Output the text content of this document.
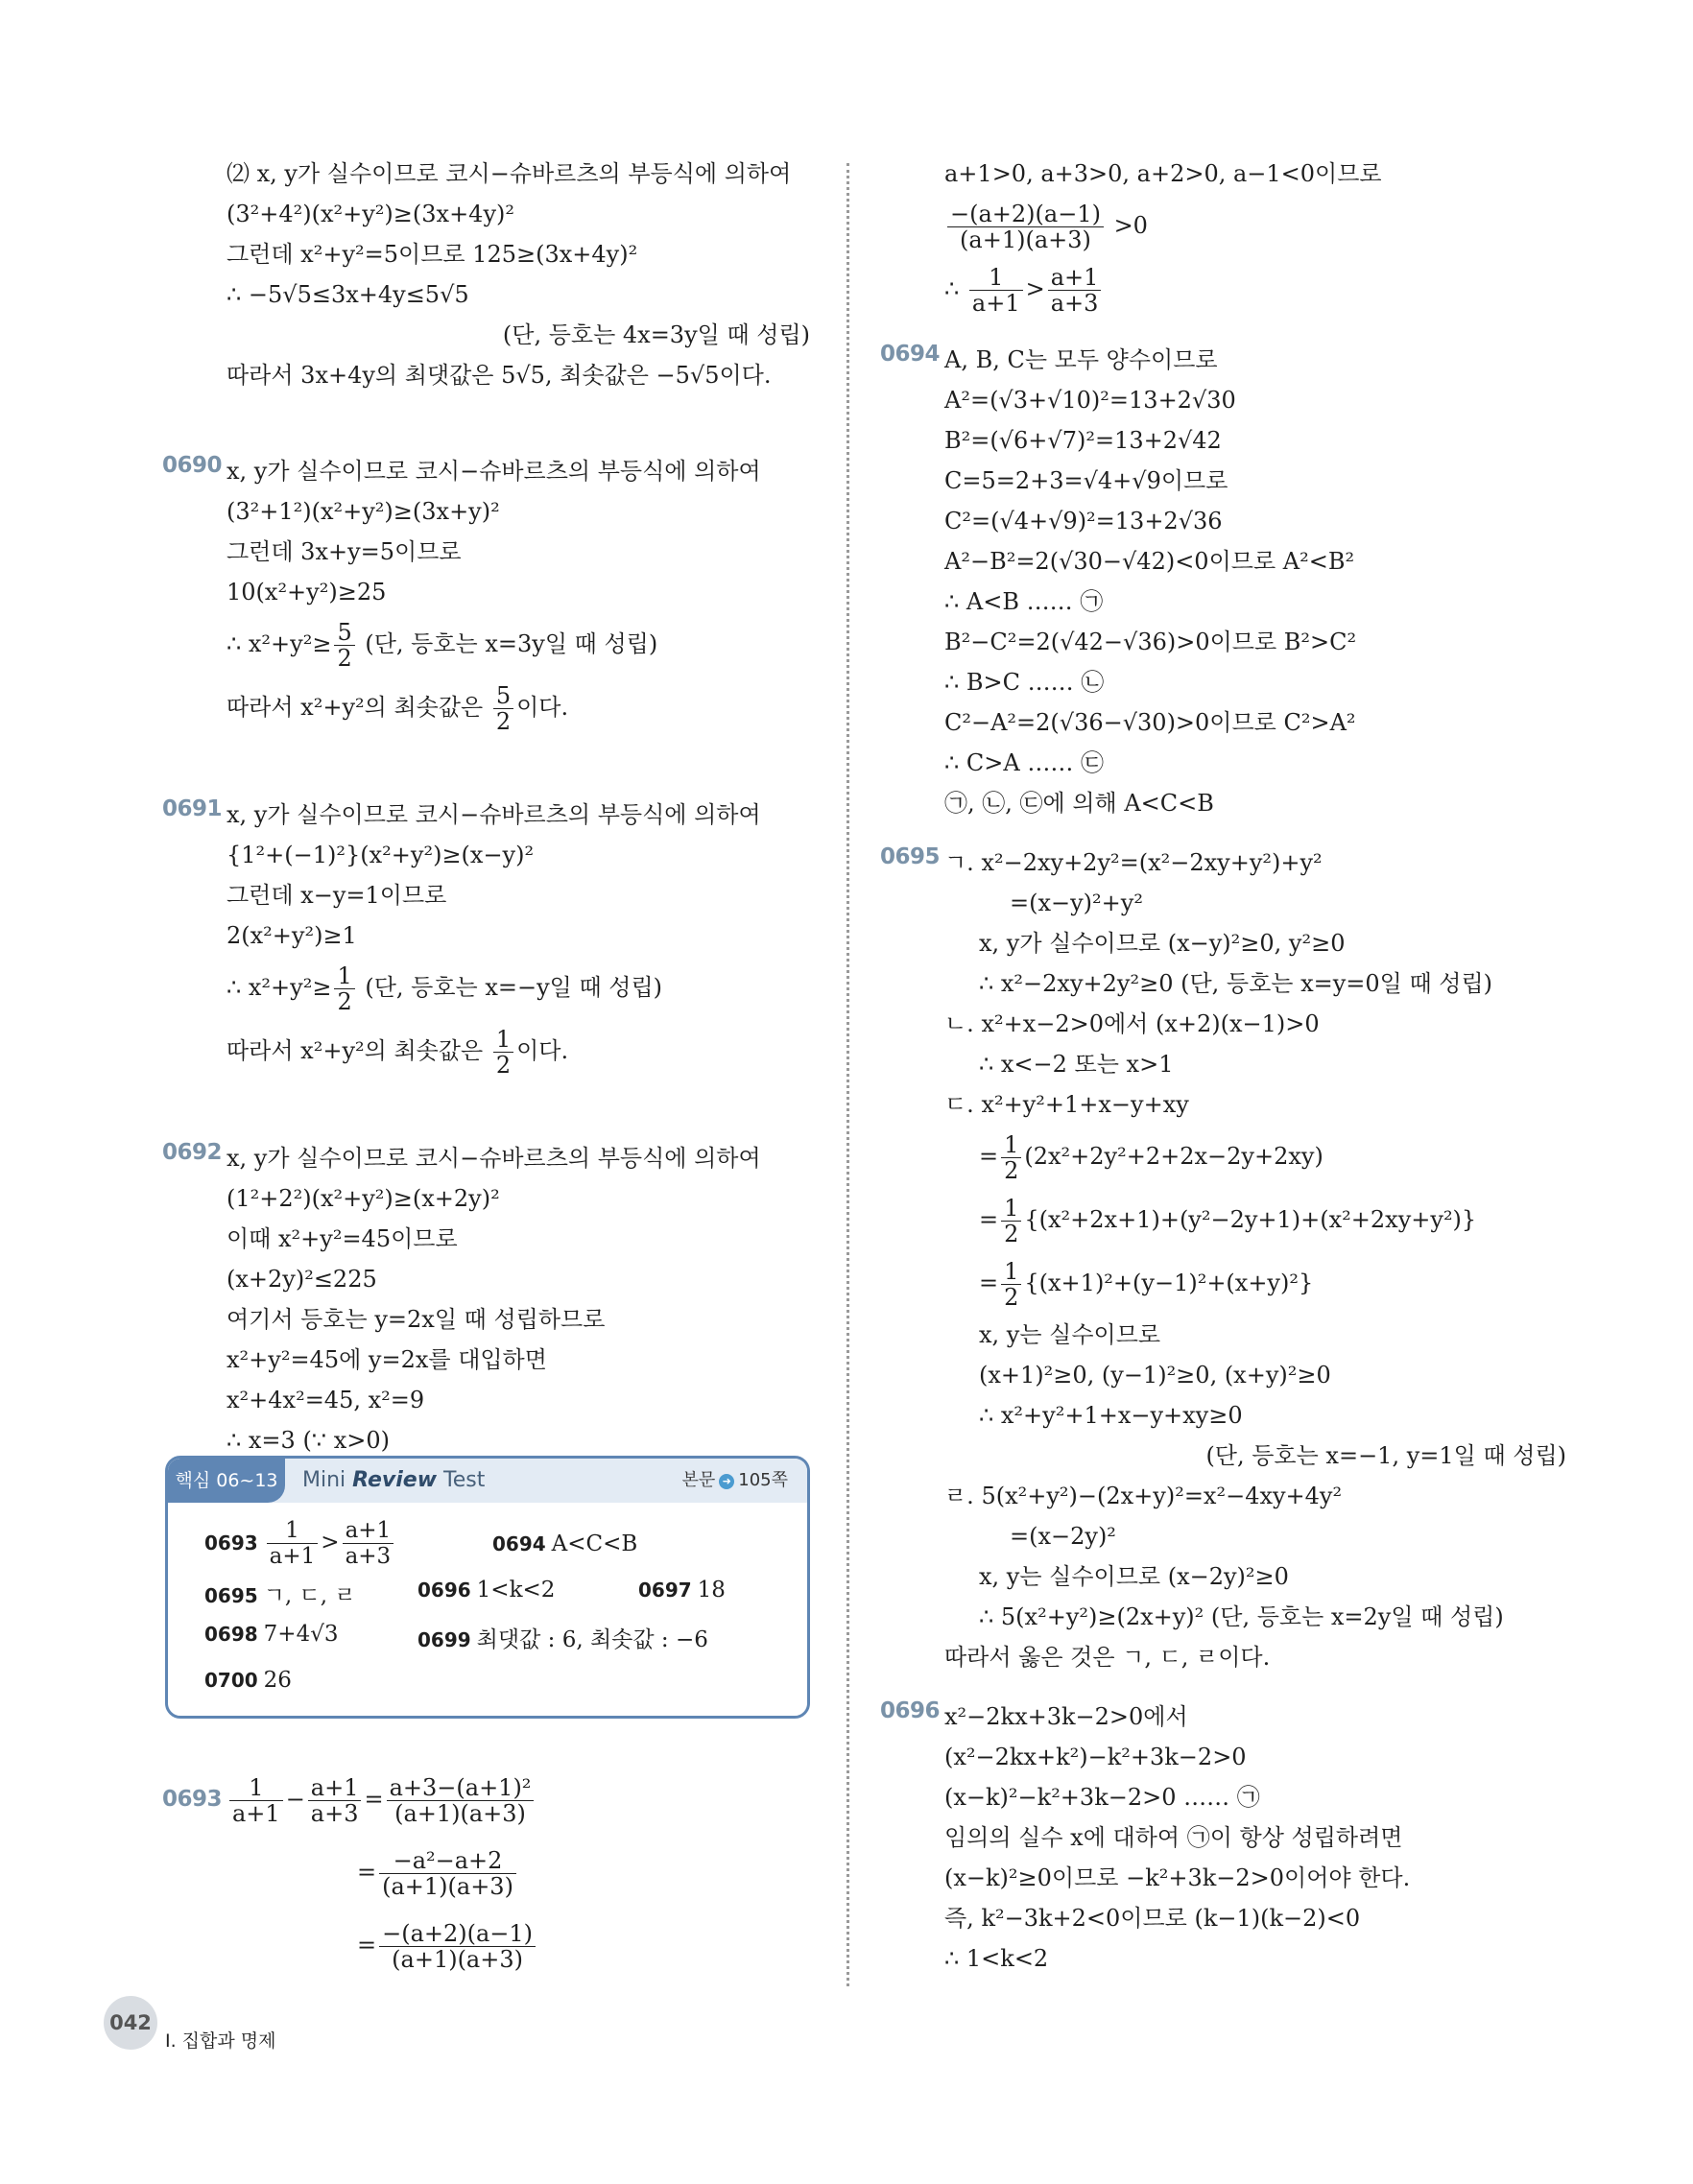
⑵ x, y가 실수이므로 코시−슈바르츠의 부등식에 의하여
(3²+4²)(x²+y²)≥(3x+4y)²
그런데 x²+y²=5이므로 125≥(3x+4y)²
∴ −5√5≤3x+4y≤5√5
(단, 등호는 4x=3y일 때 성립)
따라서 3x+4y의 최댓값은 5√5, 최솟값은 −5√5이다.
0690 x, y가 실수이므로 코시−슈바르츠의 부등식에 의하여
(3²+1²)(x²+y²)≥(3x+y)²
그런데 3x+y=5이므로
10(x²+y²)≥25
∴ $x^2+y^2\ge \frac{5}{2}$ (단, 등호는 x=3y일 때 성립)
따라서 x²+y²의 최솟값은 $\frac{5}{2}$ 이다.
0691 x, y가 실수이므로 코시−슈바르츠의 부등식에 의하여
{1²+(−1)²}(x²+y²)≥(x−y)²
그런데 x−y=1이므로
2(x²+y²)≥1
∴ $x^2+y^2\ge \frac{1}{2}$ (단, 등호는 x=−y일 때 성립)
따라서 x²+y²의 최솟값은 $\frac{1}{2}$ 이다.
0692 x, y가 실수이므로 코시−슈바르츠의 부등식에 의하여
(1²+2²)(x²+y²)≥(x+2y)²
이때 x²+y²=45이므로
(x+2y)²≤225
여기서 등호는 y=2x일 때 성립하므로
x²+y²=45에 y=2x를 대입하면
x²+4x²=45, x²=9
∴ x=3 (∵ x>0)
a+1>0, a+3>0, a+2>0, a−1<0이므로
$\frac{-(a+2)(a-1)}{(a+1)(a+3)} >0$
∴ $\frac{1}{a+1} > \frac{a+1}{a+3}$
0694 A, B, C는 모두 양수이므로
A²=(√3+√10)²=13+2√30
B²=(√6+√7)²=13+2√42
C=5=2+3=√4+√9이므로
C²=(√4+√9)²=13+2√36
A²−B²=2(√30−√42)<0이므로 A²<B²
∴ A<B …… ㉠
B²−C²=2(√42−√36)>0이므로 B²>C²
∴ B>C …… ㉡
C²−A²=2(√36−√30)>0이므로 C²>A²
∴ C>A …… ㉢
㉠, ㉡, ㉢에 의해 A<C<B
0695 ㄱ. x²−2xy+2y²=(x²−2xy+y²)+y²
=(x−y)²+y²
x, y가 실수이므로 (x−y)²≥0, y²≥0
∴ x²−2xy+2y²≥0 (단, 등호는 x=y=0일 때 성립)
ㄴ. x²+x−2>0에서 (x+2)(x−1)>0
∴ x<−2 또는 x>1
ㄷ. x²+y²+1+x−y+xy
= $\frac{1}{2} (2x^2+2y^2+2+2x-2y+2xy)$
= $\frac{1}{2} \{(x^2+2x+1)+(y^2-2y+1)+(x^2+2xy+y^2)\}$
= $\frac{1}{2} \{(x+1)^2+(y-1)^2+(x+y)^2\}$
x, y는 실수이므로
(x+1)²≥0, (y−1)²≥0, (x+y)²≥0
∴ x²+y²+1+x−y+xy≥0
(단, 등호는 x=−1, y=1일 때 성립)
ㄹ. 5(x²+y²)−(2x+y)²=x²−4xy+4y²
=(x−2y)²
x, y는 실수이므로 (x−2y)²≥0
∴ 5(x²+y²)≥(2x+y)² (단, 등호는 x=2y일 때 성립)
따라서 옳은 것은 ㄱ, ㄷ, ㄹ이다.
0696 x²−2kx+3k−2>0에서
(x²−2kx+k²)−k²+3k−2>0
(x−k)²−k²+3k−2>0 …… ㉠
임의의 실수 x에 대하여 ㉠이 항상 성립하려면
(x−k)²≥0이므로 −k²+3k−2>0이어야 한다.
즉, k²−3k+2<0이므로 (k−1)(k−2)<0
∴ 1<k<2
핵심 06~13	Mini Review Test	본문 ➜ 105쪽
$0693 \frac{1}{a+1} > \frac{a+1}{a+3}$	0694 A<C<B
0695 ㄱ, ㄷ, ㄹ	0696 1<k<2	0697 18
0698 7+4√3	0699 최댓값 : 6, 최솟값 : −6
0700 26
$0693 \frac{1}{a+1} - \frac{a+1}{a+3} = \frac{\text{a+3−(a+1)²}}{(a+1)(a+3)}$
= $\frac{\text{−a²−a+2}}{(a+1)(a+3)}$
= $\frac{-(a+2)(a-1)}{(a+1)(a+3)}$
042
Ⅰ. 집합과 명제
